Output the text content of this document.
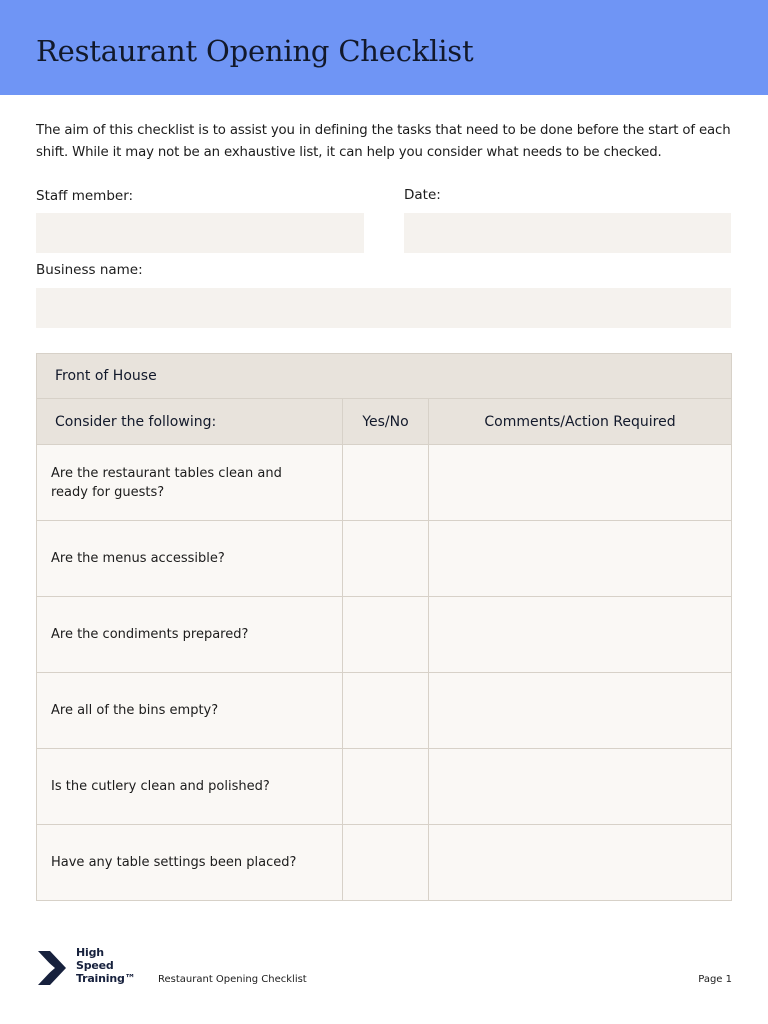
Restaurant Opening Checklist

The aim of this checklist is to assist you in defining the tasks that need to be done before the start of each shift. While it may not be an exhaustive list, it can help you consider what needs to be checked.

Staff member:	Date:
Business name:
Front of House		
Consider the following:	Yes/No	Comments/Action Required
Are the restaurant tables clean and ready for guests?		
Are the menus accessible?		
Are the condiments prepared?		
Are all of the bins empty?		
Is the cutlery clean and polished?		
Have any table settings been placed?		
High
Speed
Training™ Restaurant Opening Checklist	Page 1
